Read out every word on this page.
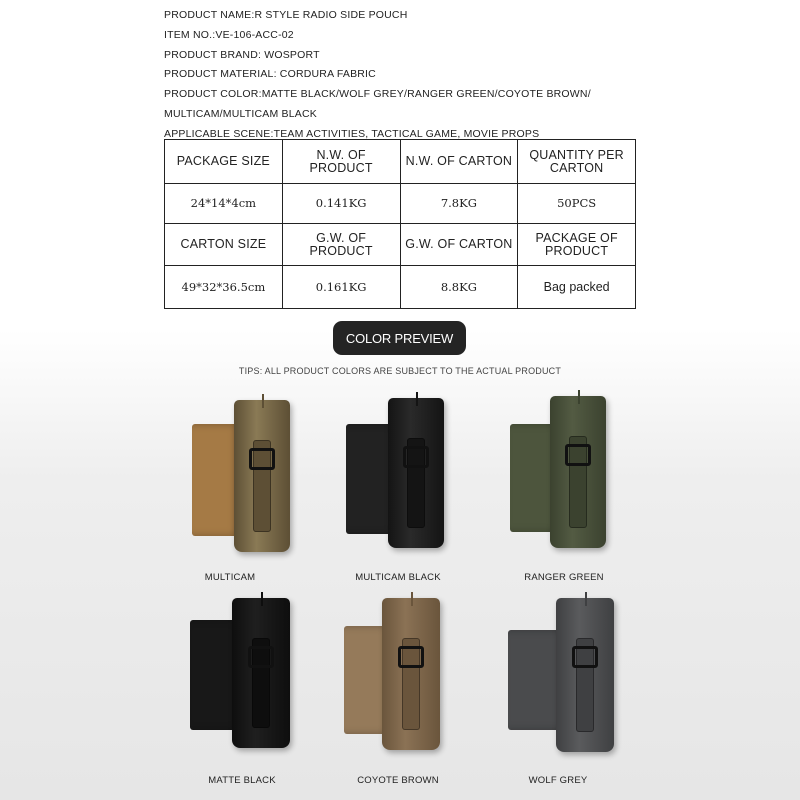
PRODUCT NAME:R STYLE RADIO SIDE POUCH
ITEM NO.:VE-106-ACC-02
PRODUCT BRAND: WOSPORT
PRODUCT MATERIAL: CORDURA FABRIC
PRODUCT COLOR:MATTE BLACK/WOLF GREY/RANGER GREEN/COYOTE BROWN/
MULTICAM/MULTICAM BLACK
APPLICABLE SCENE:TEAM ACTIVITIES, TACTICAL GAME, MOVIE PROPS
PACKAGE SIZE	N.W. OF PRODUCT	N.W. OF CARTON	QUANTITY PER CARTON
24*14*4cm	0.141KG	7.8KG	50PCS
CARTON SIZE	G.W. OF PRODUCT	G.W. OF CARTON	PACKAGE OF PRODUCT
49*32*36.5cm	0.161KG	8.8KG	Bag packed
COLOR PREVIEW
TIPS: ALL PRODUCT COLORS ARE SUBJECT TO THE ACTUAL PRODUCT
MULTICAM	MULTICAM BLACK	RANGER GREEN
MATTE BLACK	COYOTE BROWN	WOLF GREY
